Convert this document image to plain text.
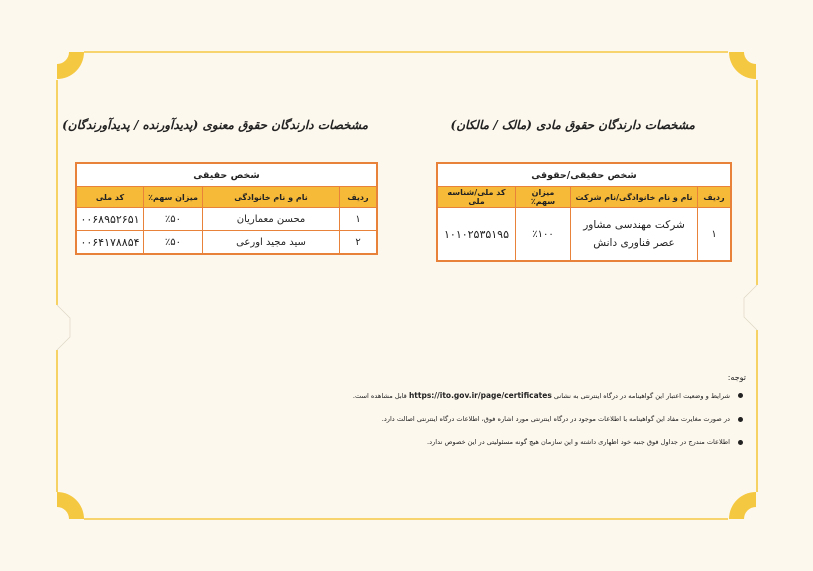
مشخصات دارندگان حقوق مادی (مالک / مالکان)
مشخصات دارندگان حقوق معنوی (پدیدآورنده / پدیدآورندگان)
شخص حقیقی/حقوقی			
ردیف	نام و نام خانوادگی/نام شرکت	میزان سهم٪	کد ملی/شناسه ملی
۱	شرکت مهندسی مشاور عصر فناوری دانش	٪۱۰۰	۱۰۱۰۲۵۳۵۱۹۵
شخص حقیقی			
ردیف	نام و نام خانوادگی	میزان سهم٪	کد ملی
۱	محسن معماریان	٪۵۰	۰۰۶۸۹۵۲۶۵۱
۲	سید مجید اورعی	٪۵۰	۰۰۶۴۱۷۸۸۵۴
توجه:
شرایط و وضعیت اعتبار این گواهینامه در درگاه اینترنتی به نشانی https://ito.gov.ir/page/certificates قابل مشاهده است.
در صورت مغایرت مفاد این گواهینامه با اطلاعات موجود در درگاه اینترنتی مورد اشاره فوق، اطلاعات درگاه اینترنتی اصالت دارد.
اطلاعات مندرج در جداول فوق جنبه خود اظهاری داشته و این سازمان هیچ گونه مسئولیتی در این خصوص ندارد.
